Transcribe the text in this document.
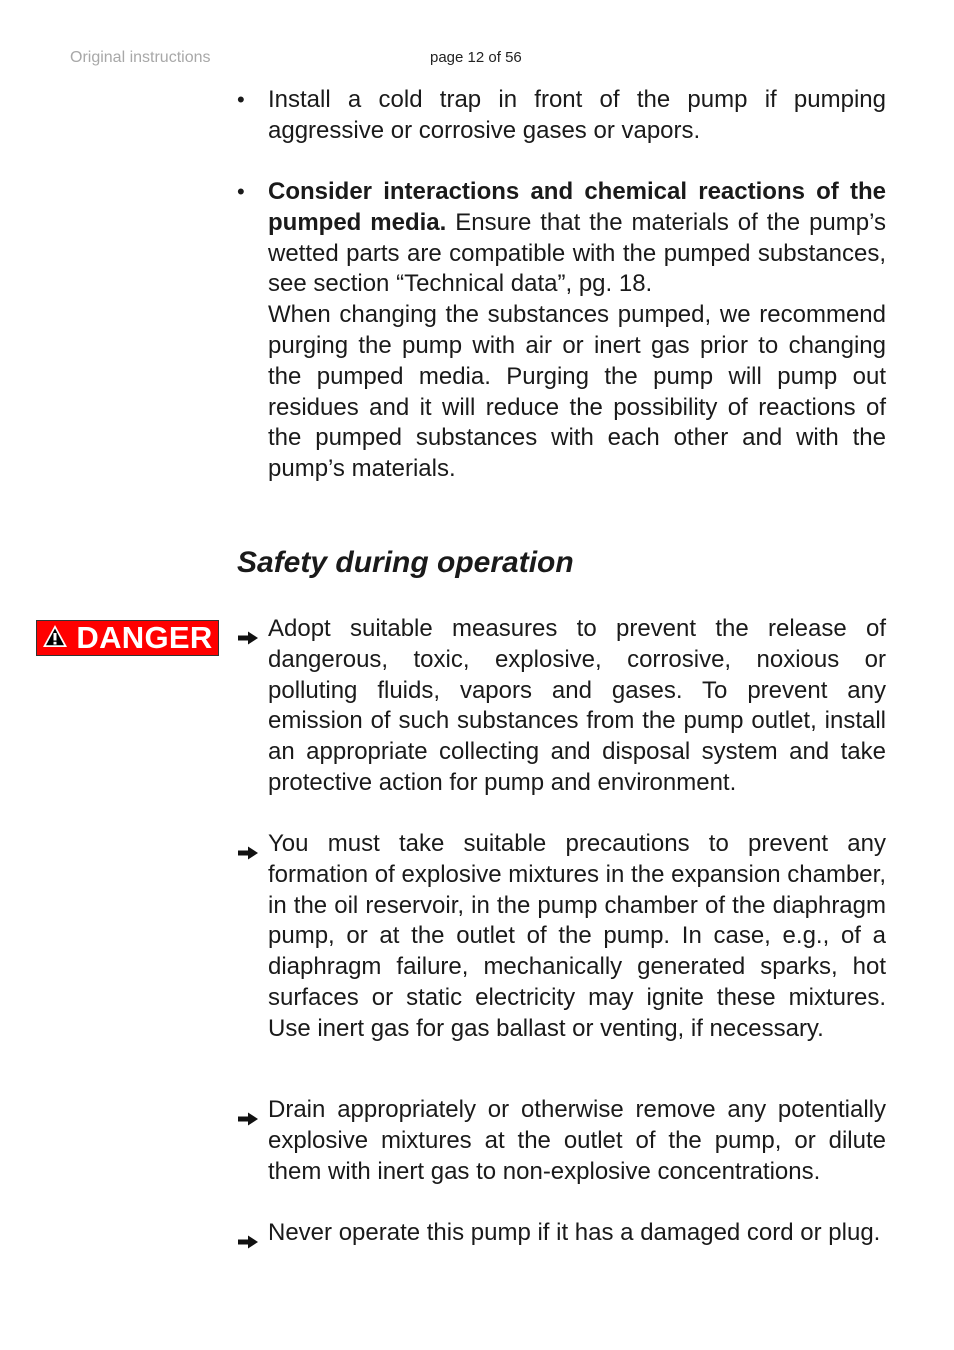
Original instructions	page 12 of 56
• Install a cold trap in front of the pump if pumping aggressive or corrosive gases or vapors.
• Consider interactions and chemical reactions of the pumped media. Ensure that the materials of the pump’s wetted parts are compatible with the pumped substances, see section “Technical data”, pg. 18.
When changing the substances pumped, we recommend purging the pump with air or inert gas prior to changing the pumped media. Purging the pump will pump out residues and it will reduce the possibility of reactions of the pumped substances with each other and with the pump’s materials.
Safety during operation
DANGER	Adopt suitable measures to prevent the release of dangerous, toxic, explosive, corrosive, noxious or polluting fluids, vapors and gases. To prevent any emission of such substances from the pump outlet, install an appropriate collecting and disposal system and take protective action for pump and environment.
You must take suitable precautions to prevent any formation of explosive mixtures in the expansion chamber, in the oil reservoir, in the pump chamber of the diaphragm pump, or at the outlet of the pump. In case, e.g., of a diaphragm failure, mechanically generated sparks, hot surfaces or static electricity may ignite these mixtures. Use inert gas for gas ballast or venting, if necessary.
Drain appropriately or otherwise remove any potentially explosive mixtures at the outlet of the pump, or dilute them with inert gas to non-explosive concentrations.
Never operate this pump if it has a damaged cord or plug.
